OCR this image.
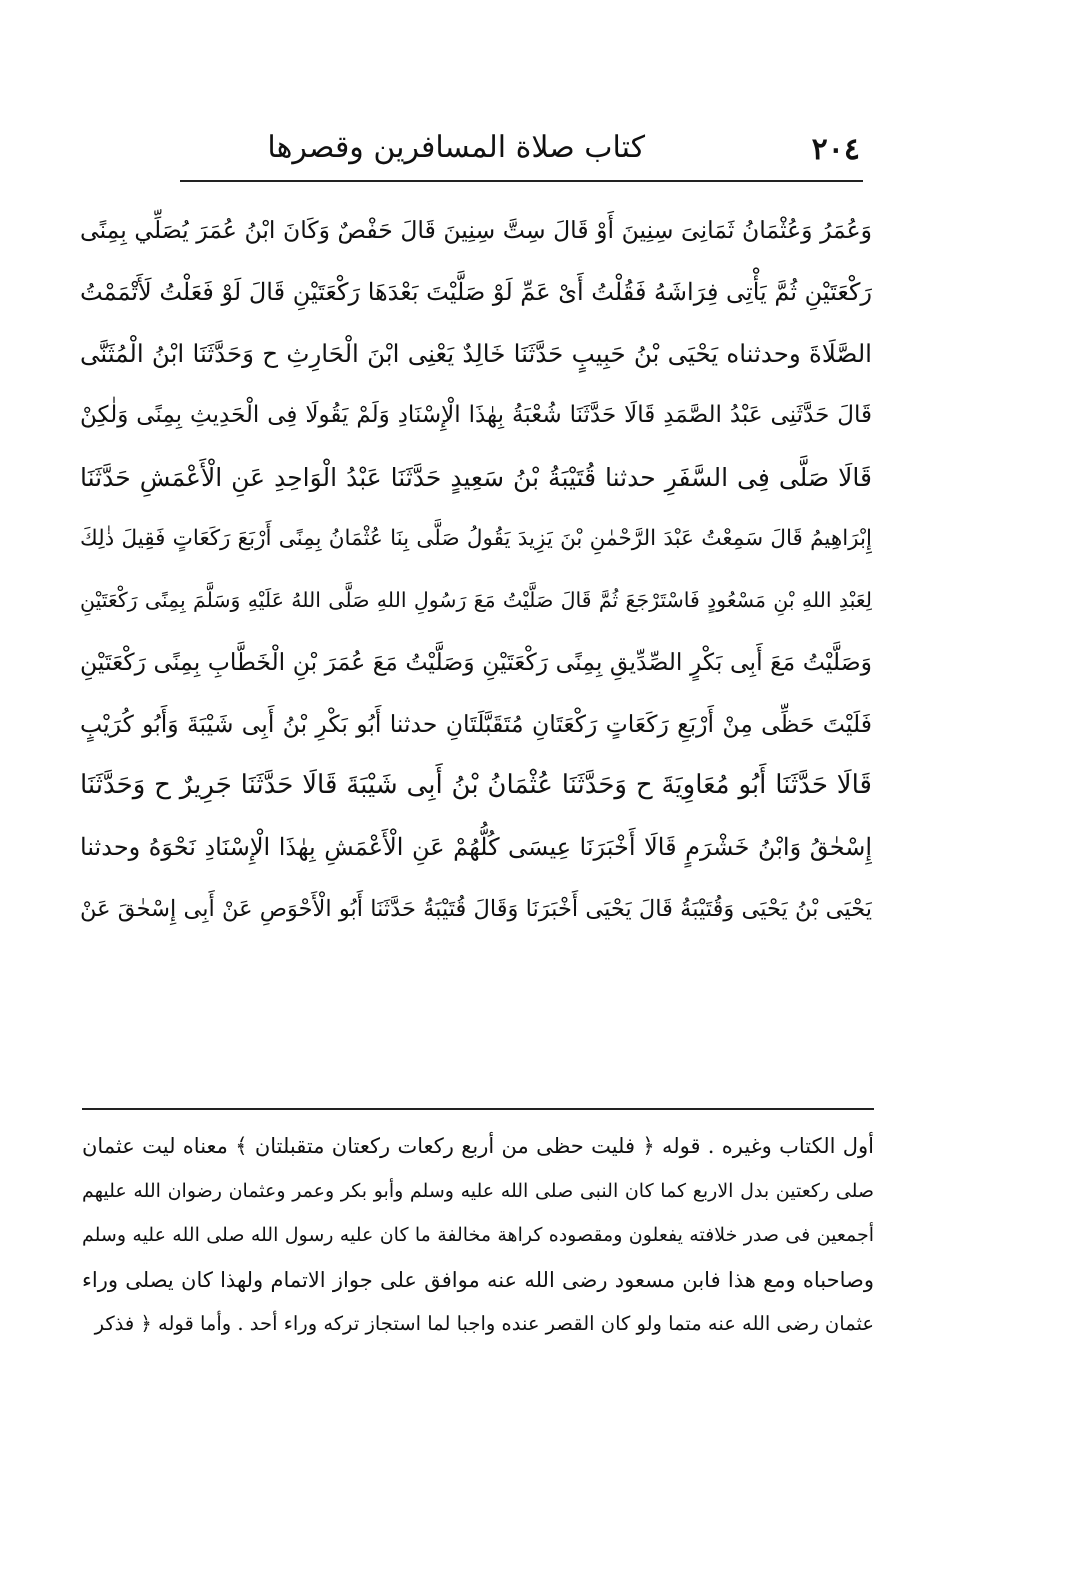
٢٠٤
كتاب صلاة المسافرين وقصرها
وَعُمَرُ وَعُثْمَانُ ثَمَانِىَ سِنِينَ أَوْ قَالَ سِتَّ سِنِينَ قَالَ حَفْصٌ وَكَانَ ابْنُ عُمَرَ يُصَلِّي بِمِنًى
رَكْعَتَيْنِ ثُمَّ يَأْتِى فِرَاشَهُ فَقُلْتُ أَىْ عَمِّ لَوْ صَلَّيْتَ بَعْدَهَا رَكْعَتَيْنِ قَالَ لَوْ فَعَلْتُ لَأَتْمَمْتُ
الصَّلَاةَ وحدثناه يَحْيَى بْنُ حَبِيبٍ حَدَّثَنَا خَالِدٌ يَعْنِى ابْنَ الْحَارِثِ ح وَحَدَّثَنَا ابْنُ الْمُثَنَّى
قَالَ حَدَّثَنِى عَبْدُ الصَّمَدِ قَالَا حَدَّثَنَا شُعْبَةُ بِهٰذَا الْإِسْنَادِ وَلَمْ يَقُولَا فِى الْحَدِيثِ بِمِنًى وَلٰكِنْ
قَالَا صَلَّى فِى السَّفَرِ حدثنا قُتَيْبَةُ بْنُ سَعِيدٍ حَدَّثَنَا عَبْدُ الْوَاحِدِ عَنِ الْأَعْمَشِ حَدَّثَنَا
إِبْرَاهِيمُ قَالَ سَمِعْتُ عَبْدَ الرَّحْمٰنِ بْنَ يَزِيدَ يَقُولُ صَلَّى بِنَا عُثْمَانُ بِمِنًى أَرْبَعَ رَكَعَاتٍ فَقِيلَ ذٰلِكَ
لِعَبْدِ اللهِ بْنِ مَسْعُودٍ فَاسْتَرْجَعَ ثُمَّ قَالَ صَلَّيْتُ مَعَ رَسُولِ اللهِ صَلَّى اللهُ عَلَيْهِ وَسَلَّمَ بِمِنًى رَكْعَتَيْنِ
وَصَلَّيْتُ مَعَ أَبِى بَكْرٍ الصِّدِّيقِ بِمِنًى رَكْعَتَيْنِ وَصَلَّيْتُ مَعَ عُمَرَ بْنِ الْخَطَّابِ بِمِنًى رَكْعَتَيْنِ
فَلَيْتَ حَظِّى مِنْ أَرْبَعِ رَكَعَاتٍ رَكْعَتَانِ مُتَقَبَّلَتَانِ حدثنا أَبُو بَكْرِ بْنُ أَبِى شَيْبَةَ وَأَبُو كُرَيْبٍ
قَالَا حَدَّثَنَا أَبُو مُعَاوِيَةَ ح وَحَدَّثَنَا عُثْمَانُ بْنُ أَبِى شَيْبَةَ قَالَا حَدَّثَنَا جَرِيرٌ ح وَحَدَّثَنَا
إِسْحٰقُ وَابْنُ خَشْرَمٍ قَالَا أَخْبَرَنَا عِيسَى كُلُّهُمْ عَنِ الْأَعْمَشِ بِهٰذَا الْإِسْنَادِ نَحْوَهُ وحدثنا
يَحْيَى بْنُ يَحْيَى وَقُتَيْبَةُ قَالَ يَحْيَى أَخْبَرَنَا وَقَالَ قُتَيْبَةُ حَدَّثَنَا أَبُو الْأَحْوَصِ عَنْ أَبِى إِسْحٰقَ عَنْ
أول الكتاب وغيره . قوله ﴿ فليت حظى من أربع ركعات ركعتان متقبلتان ﴾ معناه ليت عثمان
صلى ركعتين بدل الاربع كما كان النبى صلى الله عليه وسلم وأبو بكر وعمر وعثمان رضوان الله عليهم
أجمعين فى صدر خلافته يفعلون ومقصوده كراهة مخالفة ما كان عليه رسول الله صلى الله عليه وسلم
وصاحباه ومع هذا فابن مسعود رضى الله عنه موافق على جواز الاتمام ولهذا كان يصلى وراء
عثمان رضى الله عنه متما ولو كان القصر عنده واجبا لما استجاز تركه وراء أحد . وأما قوله ﴿ فذكر
